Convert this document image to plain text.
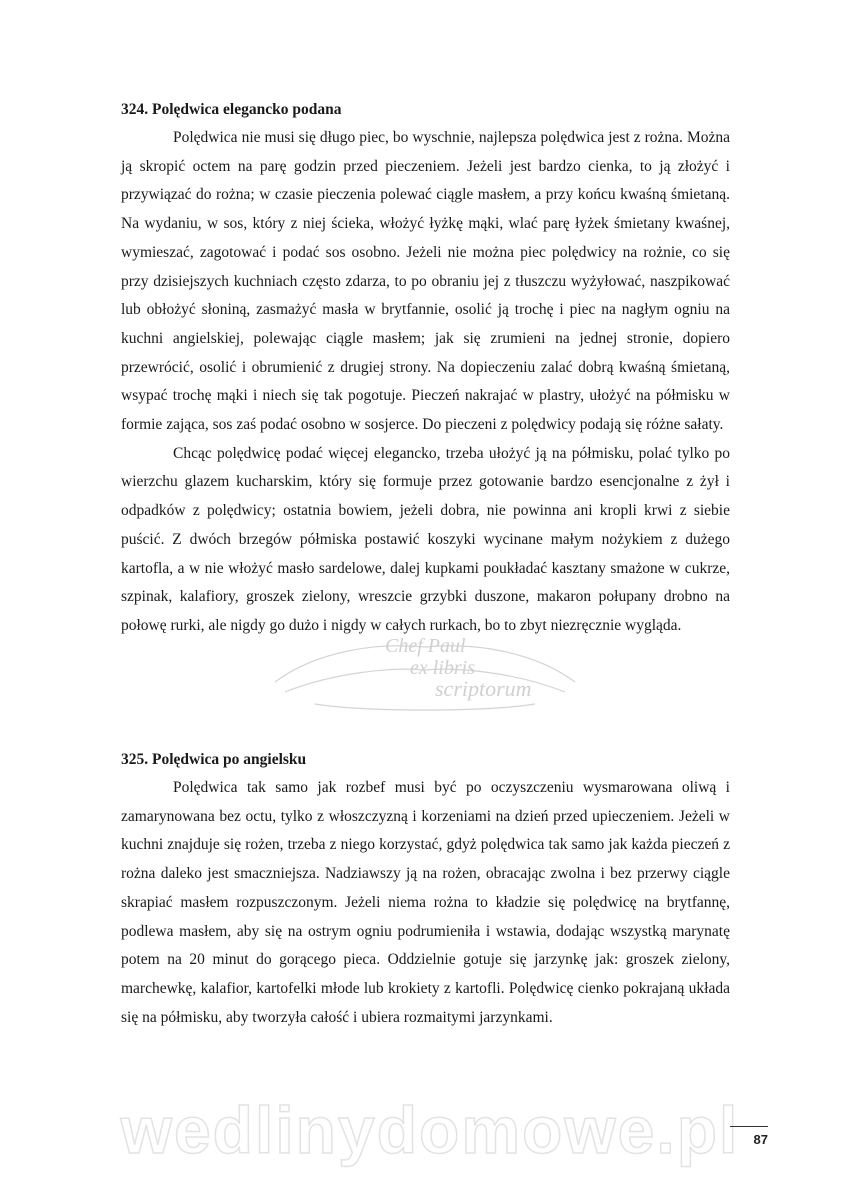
324. Polędwica elegancko podana

Polędwica nie musi się długo piec, bo wyschnie, najlepsza polędwica jest z rożna. Można ją skropić octem na parę godzin przed pieczeniem. Jeżeli jest bardzo cienka, to ją złożyć i przywiązać do rożna; w czasie pieczenia polewać ciągle masłem, a przy końcu kwaśną śmietaną. Na wydaniu, w sos, który z niej ścieka, włożyć łyżkę mąki, wlać parę łyżek śmietany kwaśnej, wymieszać, zagotować i podać sos osobno. Jeżeli nie można piec polędwicy na rożnie, co się przy dzisiejszych kuchniach często zdarza, to po obraniu jej z tłuszczu wyżyłować, naszpikować lub obłożyć słoniną, zasmażyć masła w brytfannie, osolić ją trochę i piec na nagłym ogniu na kuchni angielskiej, polewając ciągle masłem; jak się zrumieni na jednej stronie, dopiero przewrócić, osolić i obrumienić z drugiej strony. Na dopieczeniu zalać dobrą kwaśną śmietaną, wsypać trochę mąki i niech się tak pogotuje. Pieczeń nakrajać w plastry, ułożyć na półmisku w formie zająca, sos zaś podać osobno w sosjerce. Do pieczeni z polędwicy podają się różne sałaty.

Chcąc polędwicę podać więcej elegancko, trzeba ułożyć ją na półmisku, polać tylko po wierzchu glazem kucharskim, który się formuje przez gotowanie bardzo esencjonalne z żył i odpadków z polędwicy; ostatnia bowiem, jeżeli dobra, nie powinna ani kropli krwi z siebie puścić. Z dwóch brzegów półmiska postawić koszyki wycinane małym nożykiem z dużego kartofla, a w nie włożyć masło sardelowe, dalej kupkami poukładać kasztany smażone w cukrze, szpinak, kalafiory, groszek zielony, wreszcie grzybki duszone, makaron połupany drobno na połowę rurki, ale nigdy go dużo i nigdy w całych rurkach, bo to zbyt niezręcznie wygląda.

325. Polędwica po angielsku

Polędwica tak samo jak rozbef musi być po oczyszczeniu wysmarowana oliwą i zamarynowana bez octu, tylko z włoszczyzną i korzeniami na dzień przed upieczeniem. Jeżeli w kuchni znajduje się rożen, trzeba z niego korzystać, gdyż polędwica tak samo jak każda pieczeń z rożna daleko jest smaczniejsza. Nadziawszy ją na rożen, obracając zwolna i bez przerwy ciągle skrapiać masłem rozpuszczonym. Jeżeli niema rożna to kładzie się polędwicę na brytfannę, podlewa masłem, aby się na ostrym ogniu podrumieniła i wstawia, dodając wszystką marynatę potem na 20 minut do gorącego pieca. Oddzielnie gotuje się jarzynkę jak: groszek zielony, marchewkę, kalafior, kartofelki młode lub krokiety z kartofli. Polędwicę cienko pokrajaną układa się na półmisku, aby tworzyła całość i ubiera rozmaitymi jarzynkami.

Chef Paul
ex libris
scriptorum
wedlinydomowe.pl	87
